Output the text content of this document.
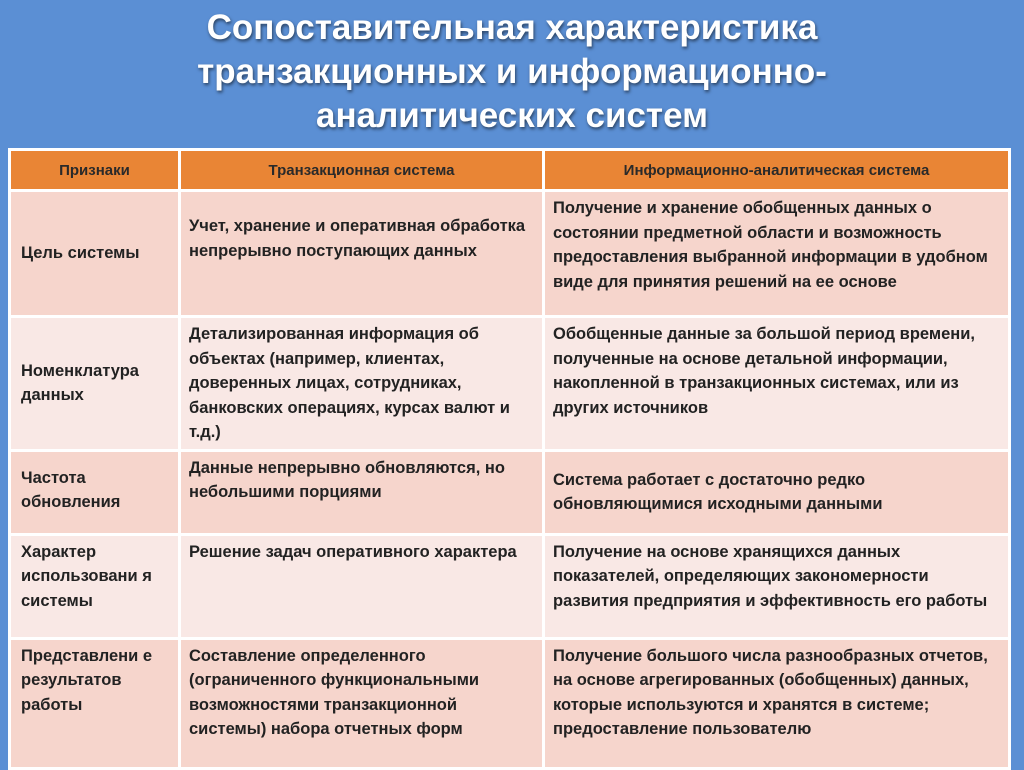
Сопоставительная характеристика
транзакционных и информационно-
аналитических систем
Признаки	Транзакционная система	Информационно-аналитическая система
Цель системы	Учет, хранение и оперативная обработка непрерывно поступающих данных	Получение и хранение обобщенных данных о состоянии предметной области и возможность предоставления выбранной информации в удобном виде для принятия решений на ее основе
Номенклатура данных	Детализированная информация об объектах (например, клиентах, доверенных лицах, сотрудниках, банковских операциях, курсах валют и т.д.)	Обобщенные данные за большой период времени, полученные на основе детальной информации, накопленной в транзакционных системах, или из других источников
Частота обновления	Данные непрерывно обновляются, но небольшими порциями	Система работает с достаточно редко обновляющимися исходными данными
Характер использовани я системы	Решение задач оперативного характера	Получение на основе хранящихся данных показателей, определяющих закономерности развития предприятия и эффективность его работы
Представлени е результатов работы	Составление определенного (ограниченного функциональными возможностями транзакционной системы) набора отчетных форм	Получение большого числа разнообразных отчетов, на основе агрегированных (обобщенных) данных, которые используются и хранятся в системе; предоставление пользователю
